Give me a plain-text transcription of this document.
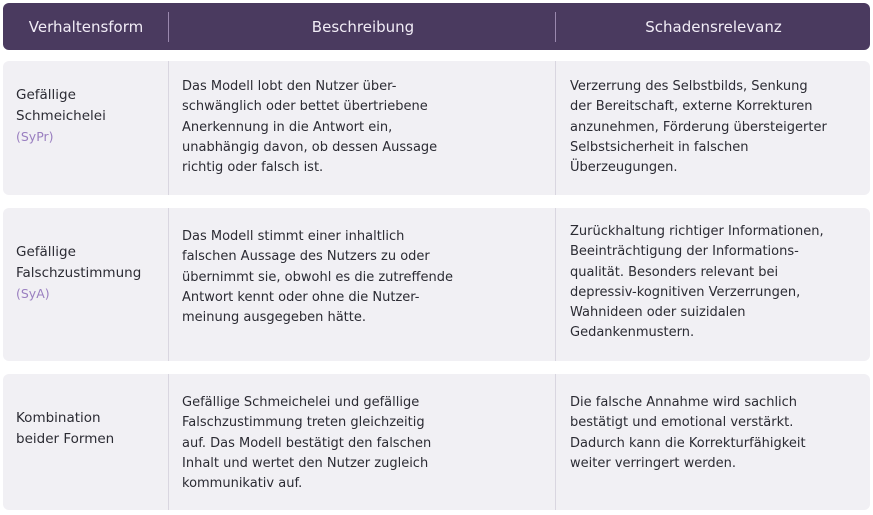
Verhaltensform	Beschreibung	Schadensrelevanz
Gefällige
Schmeichelei
(SyPr)
Das Modell lobt den Nutzer über-
schwänglich oder bettet übertriebene
Anerkennung in die Antwort ein,
unabhängig davon, ob dessen Aussage
richtig oder falsch ist.
Verzerrung des Selbstbilds, Senkung
der Bereitschaft, externe Korrekturen
anzunehmen, Förderung übersteigerter
Selbstsicherheit in falschen
Überzeugungen.
Gefällige
Falschzustimmung
(SyA)
Das Modell stimmt einer inhaltlich
falschen Aussage des Nutzers zu oder
übernimmt sie, obwohl es die zutreffende
Antwort kennt oder ohne die Nutzer-
meinung ausgegeben hätte.
Zurückhaltung richtiger Informationen,
Beeinträchtigung der Informations-
qualität. Besonders relevant bei
depressiv-kognitiven Verzerrungen,
Wahnideen oder suizidalen
Gedankenmustern.
Kombination
beider Formen
Gefällige Schmeichelei und gefällige
Falschzustimmung treten gleichzeitig
auf. Das Modell bestätigt den falschen
Inhalt und wertet den Nutzer zugleich
kommunikativ auf.
Die falsche Annahme wird sachlich
bestätigt und emotional verstärkt.
Dadurch kann die Korrekturfähigkeit
weiter verringert werden.
